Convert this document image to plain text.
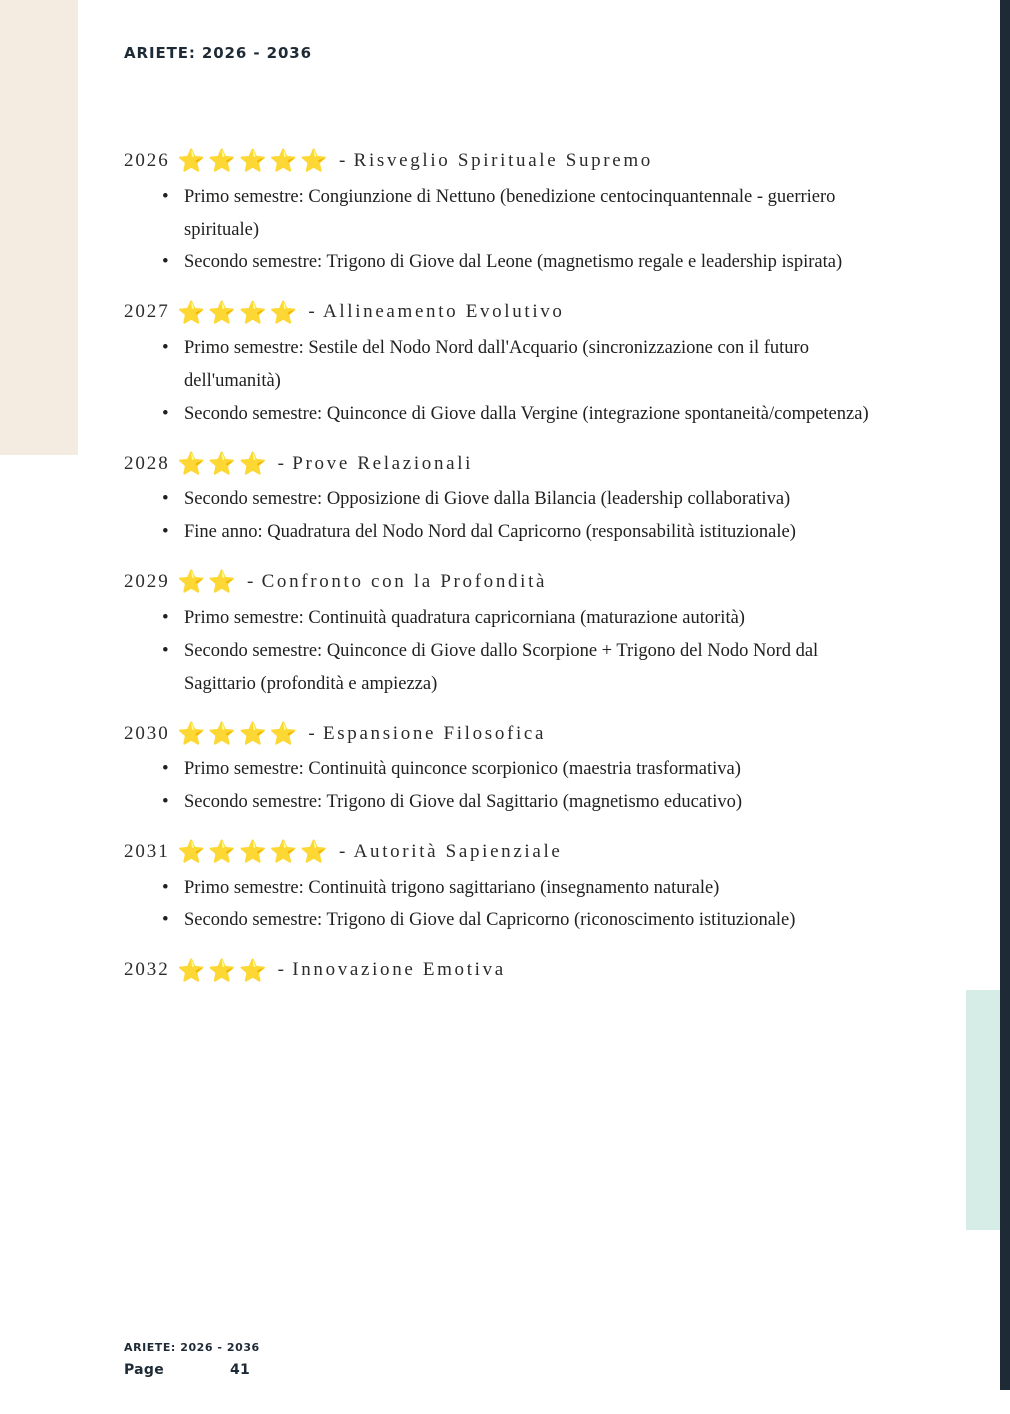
ARIETE: 2026 - 2036
2026 ⭐ ⭐ ⭐ ⭐ ⭐ - Risveglio Spirituale Supremo
• Primo semestre: Congiunzione di Nettuno (benedizione centocinquantennale - guerriero spirituale)
• Secondo semestre: Trigono di Giove dal Leone (magnetismo regale e leadership ispirata)
2027 ⭐ ⭐ ⭐ ⭐ - Allineamento Evolutivo
• Primo semestre: Sestile del Nodo Nord dall'Acquario (sincronizzazione con il futuro dell'umanità)
• Secondo semestre: Quinconce di Giove dalla Vergine (integrazione spontaneità/competenza)
2028 ⭐ ⭐ ⭐ - Prove Relazionali
• Secondo semestre: Opposizione di Giove dalla Bilancia (leadership collaborativa)
• Fine anno: Quadratura del Nodo Nord dal Capricorno (responsabilità istituzionale)
2029 ⭐ ⭐ - Confronto con la Profondità
• Primo semestre: Continuità quadratura capricorniana (maturazione autorità)
• Secondo semestre: Quinconce di Giove dallo Scorpione + Trigono del Nodo Nord dal Sagittario (profondità e ampiezza)
2030 ⭐ ⭐ ⭐ ⭐ - Espansione Filosofica
• Primo semestre: Continuità quinconce scorpionico (maestria trasformativa)
• Secondo semestre: Trigono di Giove dal Sagittario (magnetismo educativo)
2031 ⭐ ⭐ ⭐ ⭐ ⭐ - Autorità Sapienziale
• Primo semestre: Continuità trigono sagittariano (insegnamento naturale)
• Secondo semestre: Trigono di Giove dal Capricorno (riconoscimento istituzionale)
2032 ⭐ ⭐ ⭐ - Innovazione Emotiva
ARIETE: 2026 - 2036
Page	41
